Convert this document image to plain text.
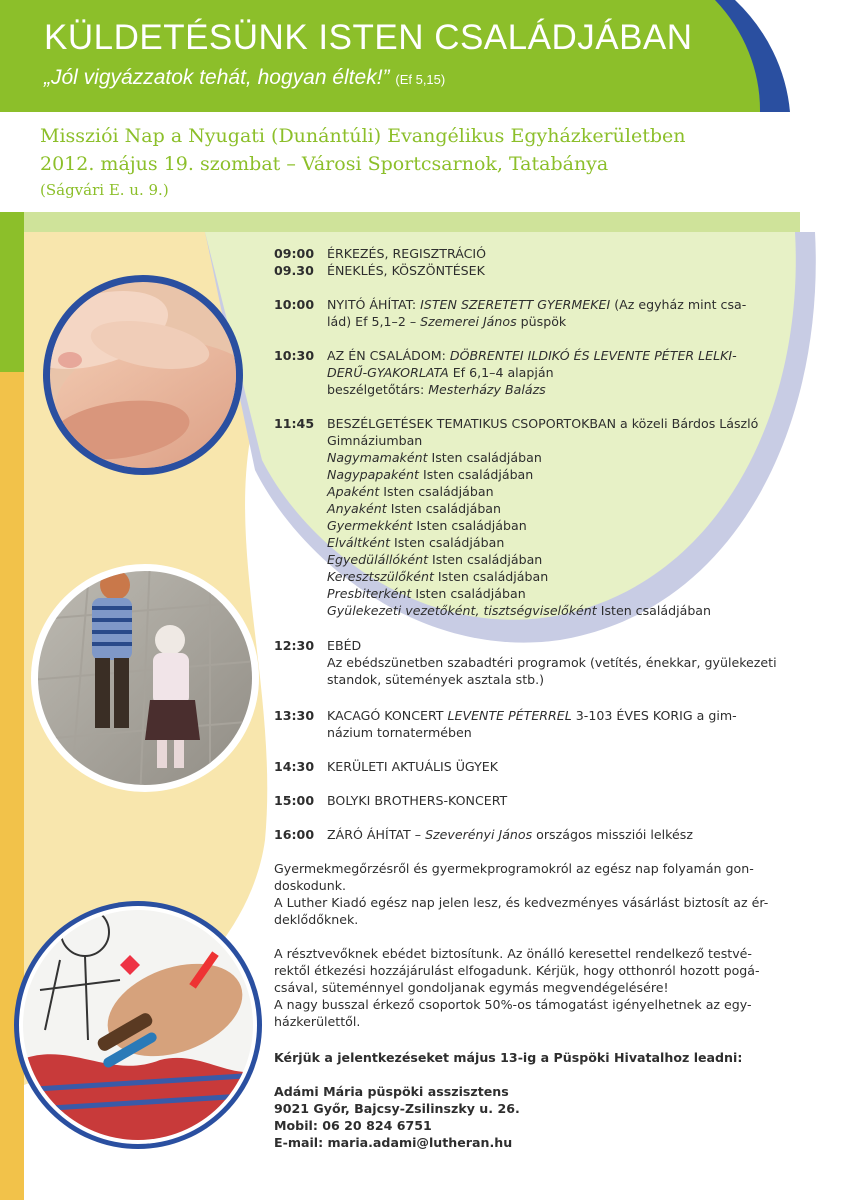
KÜLDETÉSÜNK ISTEN CSALÁDJÁBAN
„Jól vigyázzatok tehát, hogyan éltek!” (Ef 5,15)
Missziói Nap a Nyugati (Dunántúli) Evangélikus Egyházkerületben
2012. május 19. szombat – Városi Sportcsarnok, Tatabánya
(Ságvári E. u. 9.)
09:00	ÉRKEZÉS, REGISZTRÁCIÓ
09.30	ÉNEKLÉS, KÖSZÖNTÉSEK
10:00	NYITÓ ÁHÍTAT: ISTEN SZERETETT GYERMEKEI (Az egyház mint csa-
lád) Ef 5,1–2 – Szemerei János püspök
10:30	AZ ÉN CSALÁDOM: DÖBRENTEI ILDIKÓ ÉS LEVENTE PÉTER LELKI-
DERŰ-GYAKORLATA Ef 6,1–4 alapján
beszélgetőtárs: Mesterházy Balázs
11:45	BESZÉLGETÉSEK TEMATIKUS CSOPORTOKBAN a közeli Bárdos László
Gimnáziumban
Nagymamaként Isten családjában
Nagypapaként Isten családjában
Apaként Isten családjában
Anyaként Isten családjában
Gyermekként Isten családjában
Elváltként Isten családjában
Egyedülállóként Isten családjában
Keresztszülőként Isten családjában
Presbiterként Isten családjában
Gyülekezeti vezetőként, tisztségviselőként Isten családjában
12:30	EBÉD
Az ebédszünetben szabadtéri programok (vetítés, énekkar, gyülekezeti
standok, sütemények asztala stb.)
13:30	KACAGÓ KONCERT LEVENTE PÉTERREL 3-103 ÉVES KORIG a gim-
názium tornatermében
14:30	KERÜLETI AKTUÁLIS ÜGYEK
15:00	BOLYKI BROTHERS-KONCERT
16:00	ZÁRÓ ÁHÍTAT – Szeverényi János országos missziói lelkész
Gyermekmegőrzésről és gyermekprogramokról az egész nap folyamán gon-
doskodunk.
A Luther Kiadó egész nap jelen lesz, és kedvezményes vásárlást biztosít az ér-
deklődőknek.
A résztvevőknek ebédet biztosítunk. Az önálló keresettel rendelkező testvé-
rektől étkezési hozzájárulást elfogadunk. Kérjük, hogy otthonról hozott pogá-
csával, süteménnyel gondoljanak egymás megvendégelésére!
A nagy busszal érkező csoportok 50%-os támogatást igényelhetnek az egy-
házkerülettől.
Kérjük a jelentkezéseket május 13-ig a Püspöki Hivatalhoz leadni:
Adámi Mária püspöki asszisztens
9021 Győr, Bajcsy-Zsilinszky u. 26.
Mobil: 06 20 824 6751
E-mail: maria.adami@lutheran.hu
